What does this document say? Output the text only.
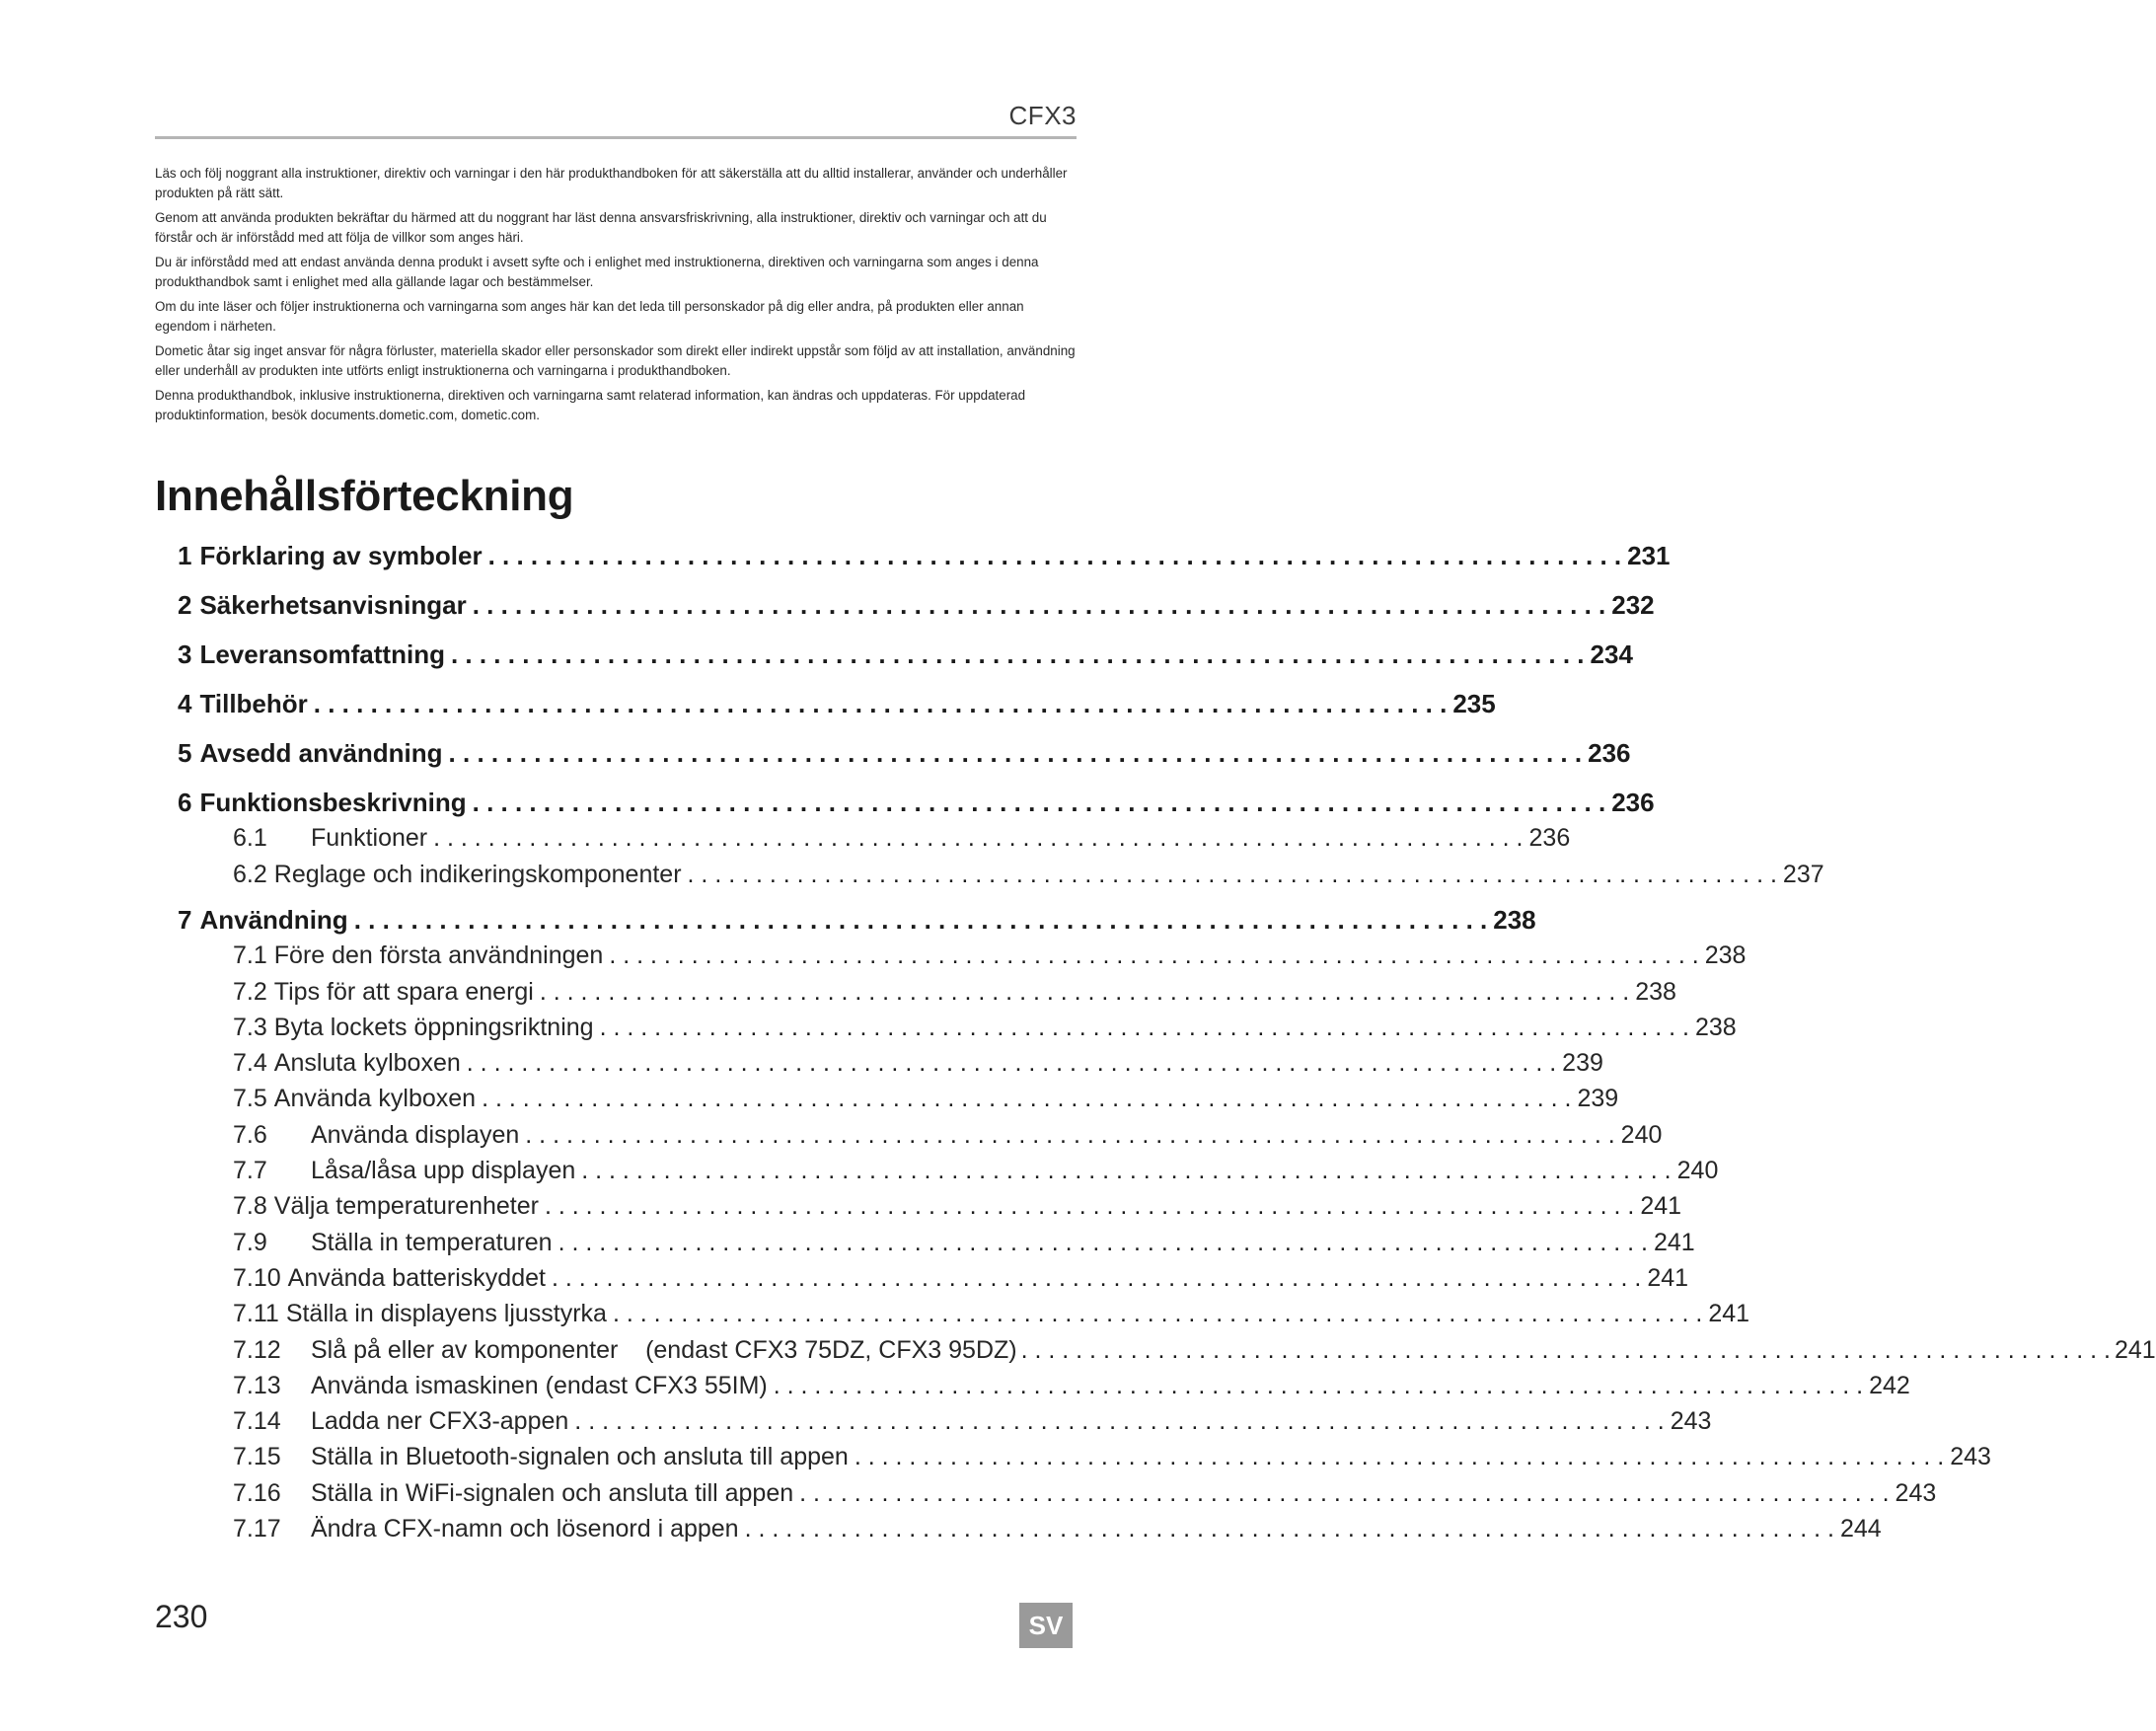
CFX3

Läs och följ noggrant alla instruktioner, direktiv och varningar i den här produkthandboken för att säkerställa att du alltid installerar, använder och underhåller produkten på rätt sätt.

Genom att använda produkten bekräftar du härmed att du noggrant har läst denna ansvarsfriskrivning, alla instruktioner, direktiv och varningar och att du förstår och är införstådd med att följa de villkor som anges häri.

Du är införstådd med att endast använda denna produkt i avsett syfte och i enlighet med instruktionerna, direktiven och varningarna som anges i denna produkthandbok samt i enlighet med alla gällande lagar och bestämmelser.

Om du inte läser och följer instruktionerna och varningarna som anges här kan det leda till personskador på dig eller andra, på produkten eller annan egendom i närheten.

Dometic åtar sig inget ansvar för några förluster, materiella skador eller personskador som direkt eller indirekt uppstår som följd av att installation, användning eller underhåll av produkten inte utförts enligt instruktionerna och varningarna i produkthandboken.

Denna produkthandbok, inklusive instruktionerna, direktiven och varningarna samt relaterad information, kan ändras och uppdateras. För uppdaterad produktinformation, besök documents.dometic.com, dometic.com.

Innehållsförteckning
1 Förklaring av symboler . . . . . . . . . . . . . . . . . . . . . . . . . . . . . . . . . . . . . . . . . . . . . . . . . . . . . . . . . . . . . . . . . . . . . . . . . . . . . . . . 231
2 Säkerhetsanvisningar . . . . . . . . . . . . . . . . . . . . . . . . . . . . . . . . . . . . . . . . . . . . . . . . . . . . . . . . . . . . . . . . . . . . . . . . . . . . . . . . 232
3 Leveransomfattning . . . . . . . . . . . . . . . . . . . . . . . . . . . . . . . . . . . . . . . . . . . . . . . . . . . . . . . . . . . . . . . . . . . . . . . . . . . . . . . . 234
4 Tillbehör . . . . . . . . . . . . . . . . . . . . . . . . . . . . . . . . . . . . . . . . . . . . . . . . . . . . . . . . . . . . . . . . . . . . . . . . . . . . . . . . 235
5 Avsedd användning . . . . . . . . . . . . . . . . . . . . . . . . . . . . . . . . . . . . . . . . . . . . . . . . . . . . . . . . . . . . . . . . . . . . . . . . . . . . . . . . 236
6 Funktionsbeskrivning . . . . . . . . . . . . . . . . . . . . . . . . . . . . . . . . . . . . . . . . . . . . . . . . . . . . . . . . . . . . . . . . . . . . . . . . . . . . . . . . 236
6.1	Funktioner . . . . . . . . . . . . . . . . . . . . . . . . . . . . . . . . . . . . . . . . . . . . . . . . . . . . . . . . . . . . . . . . . . . . . . . . . . . . . . . . 236
6.2 Reglage och indikeringskomponenter . . . . . . . . . . . . . . . . . . . . . . . . . . . . . . . . . . . . . . . . . . . . . . . . . . . . . . . . . . . . . . . . . . . . . . . . . . . . . . . . 237
7 Användning . . . . . . . . . . . . . . . . . . . . . . . . . . . . . . . . . . . . . . . . . . . . . . . . . . . . . . . . . . . . . . . . . . . . . . . . . . . . . . . . 238
7.1 Före den första användningen . . . . . . . . . . . . . . . . . . . . . . . . . . . . . . . . . . . . . . . . . . . . . . . . . . . . . . . . . . . . . . . . . . . . . . . . . . . . . . . . 238
7.2 Tips för att spara energi . . . . . . . . . . . . . . . . . . . . . . . . . . . . . . . . . . . . . . . . . . . . . . . . . . . . . . . . . . . . . . . . . . . . . . . . . . . . . . . . 238
7.3 Byta lockets öppningsriktning . . . . . . . . . . . . . . . . . . . . . . . . . . . . . . . . . . . . . . . . . . . . . . . . . . . . . . . . . . . . . . . . . . . . . . . . . . . . . . . . 238
7.4 Ansluta kylboxen . . . . . . . . . . . . . . . . . . . . . . . . . . . . . . . . . . . . . . . . . . . . . . . . . . . . . . . . . . . . . . . . . . . . . . . . . . . . . . . . 239
7.5 Använda kylboxen . . . . . . . . . . . . . . . . . . . . . . . . . . . . . . . . . . . . . . . . . . . . . . . . . . . . . . . . . . . . . . . . . . . . . . . . . . . . . . . . 239
7.6	Använda displayen . . . . . . . . . . . . . . . . . . . . . . . . . . . . . . . . . . . . . . . . . . . . . . . . . . . . . . . . . . . . . . . . . . . . . . . . . . . . . . . . 240
7.7	Låsa/låsa upp displayen . . . . . . . . . . . . . . . . . . . . . . . . . . . . . . . . . . . . . . . . . . . . . . . . . . . . . . . . . . . . . . . . . . . . . . . . . . . . . . . . 240
7.8 Välja temperaturenheter . . . . . . . . . . . . . . . . . . . . . . . . . . . . . . . . . . . . . . . . . . . . . . . . . . . . . . . . . . . . . . . . . . . . . . . . . . . . . . . . 241
7.9	Ställa in temperaturen . . . . . . . . . . . . . . . . . . . . . . . . . . . . . . . . . . . . . . . . . . . . . . . . . . . . . . . . . . . . . . . . . . . . . . . . . . . . . . . . 241
7.10 Använda batteriskyddet . . . . . . . . . . . . . . . . . . . . . . . . . . . . . . . . . . . . . . . . . . . . . . . . . . . . . . . . . . . . . . . . . . . . . . . . . . . . . . . . 241
7.11 Ställa in displayens ljusstyrka . . . . . . . . . . . . . . . . . . . . . . . . . . . . . . . . . . . . . . . . . . . . . . . . . . . . . . . . . . . . . . . . . . . . . . . . . . . . . . . . 241
7.12	Slå på eller av komponenter    (endast CFX3 75DZ, CFX3 95DZ) . . . . . . . . . . . . . . . . . . . . . . . . . . . . . . . . . . . . . . . . . . . . . . . . . . . . . . . . . . . . . . . . . . . . . . . . . . . . . . . . 241
7.13	Använda ismaskinen (endast CFX3 55IM) . . . . . . . . . . . . . . . . . . . . . . . . . . . . . . . . . . . . . . . . . . . . . . . . . . . . . . . . . . . . . . . . . . . . . . . . . . . . . . . . 242
7.14	Ladda ner CFX3-appen . . . . . . . . . . . . . . . . . . . . . . . . . . . . . . . . . . . . . . . . . . . . . . . . . . . . . . . . . . . . . . . . . . . . . . . . . . . . . . . . 243
7.15	Ställa in Bluetooth-signalen och ansluta till appen . . . . . . . . . . . . . . . . . . . . . . . . . . . . . . . . . . . . . . . . . . . . . . . . . . . . . . . . . . . . . . . . . . . . . . . . . . . . . . . . 243
7.16	Ställa in WiFi-signalen och ansluta till appen . . . . . . . . . . . . . . . . . . . . . . . . . . . . . . . . . . . . . . . . . . . . . . . . . . . . . . . . . . . . . . . . . . . . . . . . . . . . . . . . 243
7.17	Ändra CFX-namn och lösenord i appen . . . . . . . . . . . . . . . . . . . . . . . . . . . . . . . . . . . . . . . . . . . . . . . . . . . . . . . . . . . . . . . . . . . . . . . . . . . . . . . . 244
230	SV
